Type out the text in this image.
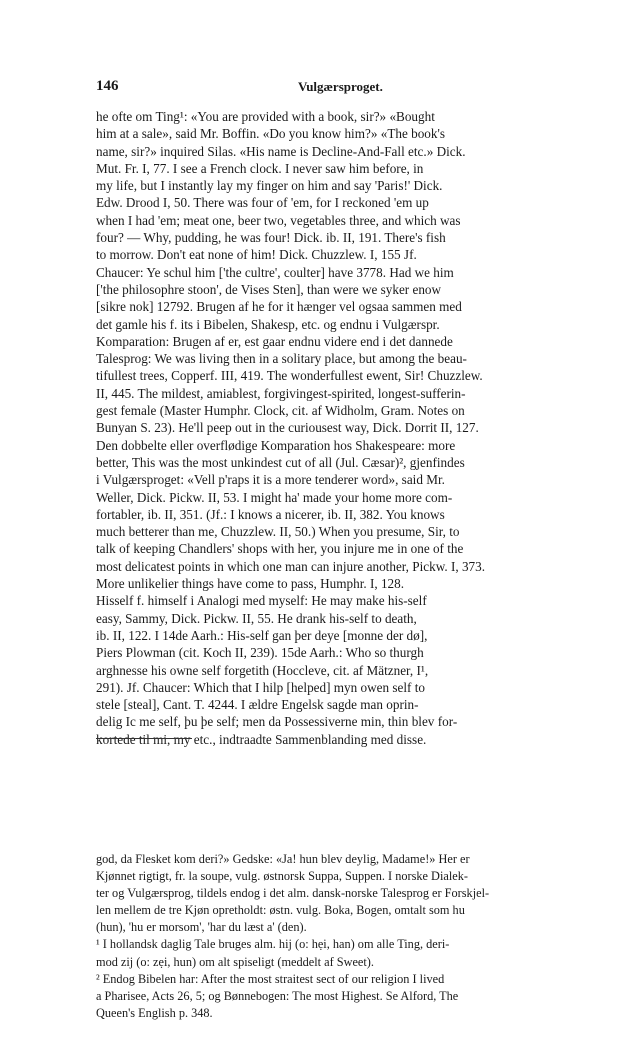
146	Vulgærsproget.
he ofte om Ting¹: «You are provided with a book, sir?» «Bought
him at a sale», said Mr. Boffin. «Do you know him?» «The book's
name, sir?» inquired Silas. «His name is Decline-And-Fall etc.» Dick.
Mut. Fr. I, 77. I see a French clock. I never saw him before, in
my life, but I instantly lay my finger on him and say 'Paris!' Dick.
Edw. Drood I, 50. There was four of 'em, for I reckoned 'em up
when I had 'em; meat one, beer two, vegetables three, and which was
four? — Why, pudding, he was four! Dick. ib. II, 191. There's fish
to morrow. Don't eat none of him! Dick. Chuzzlew. I, 155 Jf.
Chaucer: Ye schul him ['the cultre', coulter] have 3778. Had we him
['the philosophre stoon', de Vises Sten], than were we syker enow
[sikre nok] 12792. Brugen af he for it hænger vel ogsaa sammen med
det gamle his f. its i Bibelen, Shakesp, etc. og endnu i Vulgærspr.
Komparation: Brugen af er, est gaar endnu videre end i det dannede
Talesprog: We was living then in a solitary place, but among the beau-
tifullest trees, Copperf. III, 419. The wonderfullest ewent, Sir! Chuzzlew.
II, 445. The mildest, amiablest, forgivingest-spirited, longest-sufferin-
gest female (Master Humphr. Clock, cit. af Widholm, Gram. Notes on
Bunyan S. 23). He'll peep out in the curiousest way, Dick. Dorrit II, 127.
Den dobbelte eller overflødige Komparation hos Shakespeare: more
better, This was the most unkindest cut of all (Jul. Cæsar)², gjenfindes
i Vulgærsproget: «Vell p'raps it is a more tenderer word», said Mr.
Weller, Dick. Pickw. II, 53. I might ha' made your home more com-
fortabler, ib. II, 351. (Jf.: I knows a nicerer, ib. II, 382. You knows
much betterer than me, Chuzzlew. II, 50.) When you presume, Sir, to
talk of keeping Chandlers' shops with her, you injure me in one of the
most delicatest points in which one man can injure another, Pickw. I, 373.
More unlikelier things have come to pass, Humphr. I, 128.
Hisself f. himself i Analogi med myself: He may make his-self
easy, Sammy, Dick. Pickw. II, 55. He drank his-self to death,
ib. II, 122. I 14de Aarh.: His-self gan þer deye [monne der dø],
Piers Plowman (cit. Koch II, 239). 15de Aarh.: Who so thurgh
arghnesse his owne self forgetith (Hoccleve, cit. af Mätzner, I¹,
291). Jf. Chaucer: Which that I hilp [helped] myn owen self to
stele [steal], Cant. T. 4244. I ældre Engelsk sagde man oprin-
delig Ic me self, þu þe self; men da Possessiverne min, thin blev for-
kortede til mi, my etc., indtraadte Sammenblanding med disse.
god, da Flesket kom deri?» Gedske: «Ja! hun blev deylig, Madame!» Her er
Kjønnet rigtigt, fr. la soupe, vulg. østnorsk Suppa, Suppen. I norske Dialek-
ter og Vulgærsprog, tildels endog i det alm. dansk-norske Talesprog er Forskjel-
len mellem de tre Kjøn opretholdt: østn. vulg. Boka, Bogen, omtalt som hu
(hun), 'hu er morsom', 'har du læst a' (den).
¹ I hollandsk daglig Tale bruges alm. hij (o: hẹi, han) om alle Ting, deri-
mod zij (o: zẹi, hun) om alt spiseligt (meddelt af Sweet).
² Endog Bibelen har: After the most straitest sect of our religion I lived
a Pharisee, Acts 26, 5; og Bønnebogen: The most Highest. Se Alford, The
Queen's English p. 348.
